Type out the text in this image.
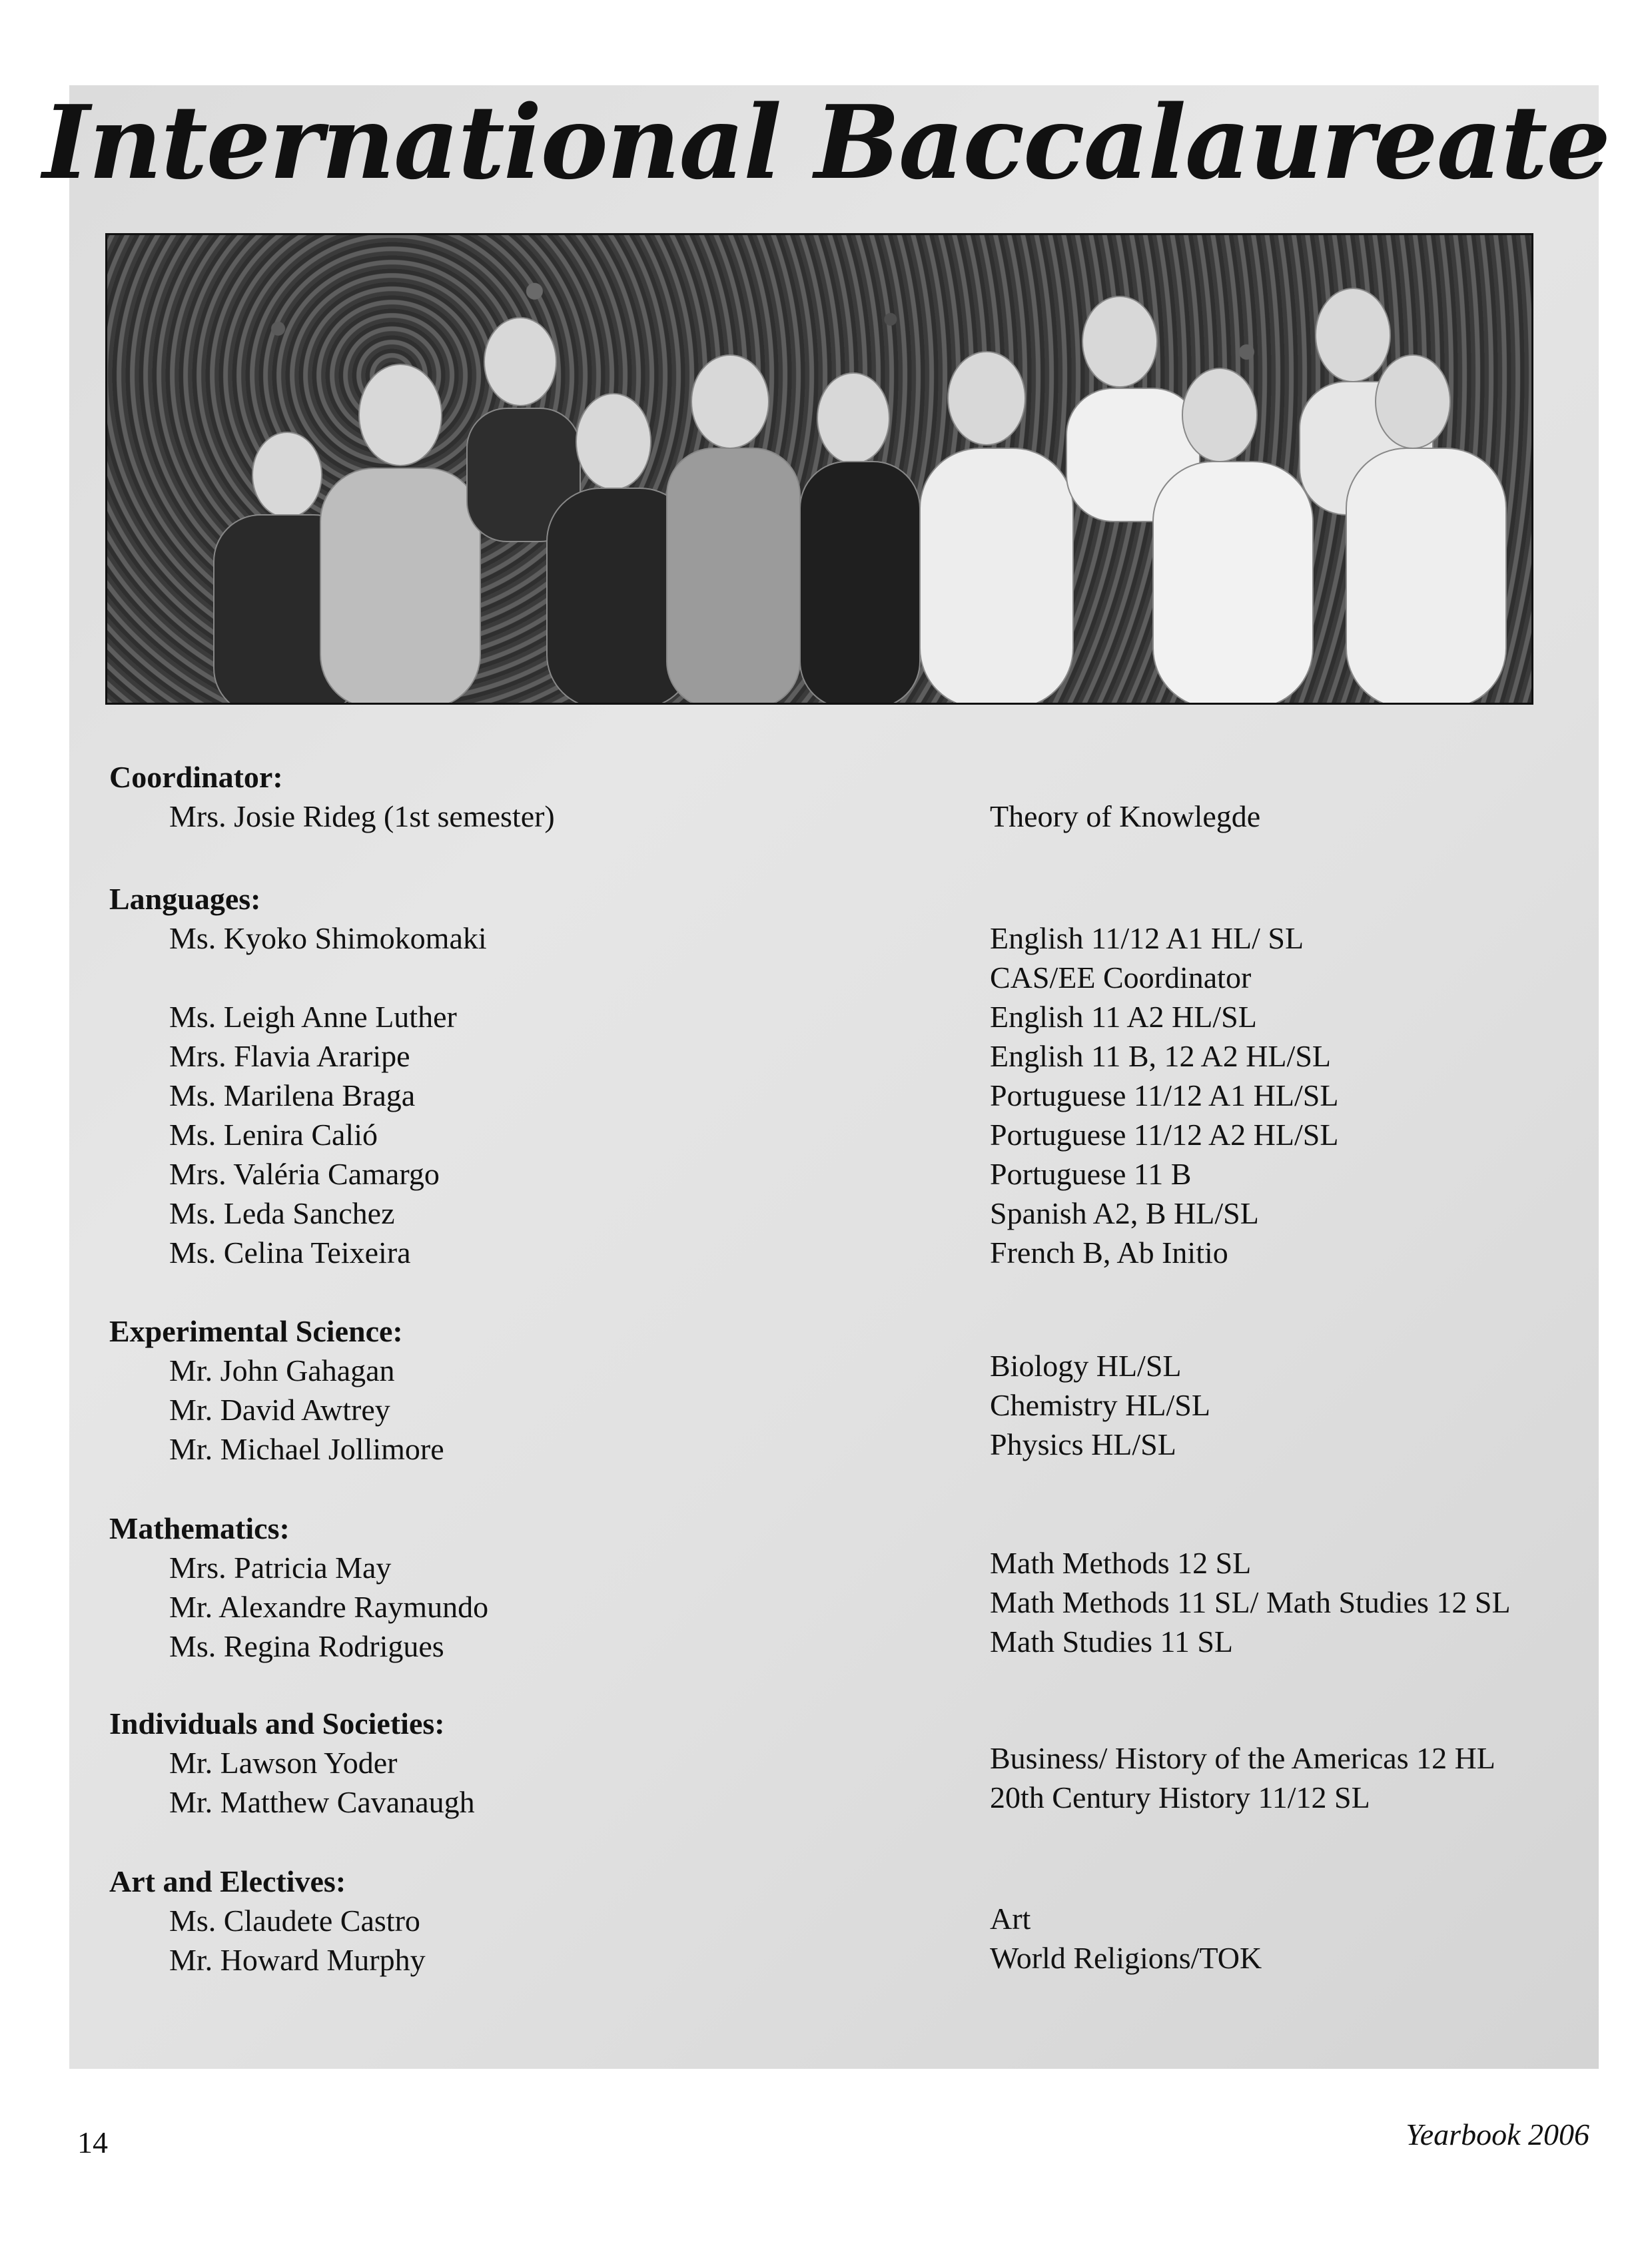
International Baccalaureate
Coordinator:
Mrs. Josie Rideg (1st semester)	Theory of Knowlegde
Languages:
Ms. Kyoko Shimokomaki
Ms. Leigh Anne Luther
Mrs. Flavia Araripe
Ms. Marilena Braga
Ms. Lenira Calió
Mrs. Valéria Camargo
Ms. Leda Sanchez
Ms. Celina Teixeira
English 11/12 A1 HL/ SL
CAS/EE Coordinator
English 11 A2 HL/SL
English 11 B, 12 A2 HL/SL
Portuguese 11/12 A1 HL/SL
Portuguese 11/12 A2 HL/SL
Portuguese 11 B
Spanish A2, B HL/SL
French B, Ab Initio
Experimental Science:
Mr. John Gahagan
Mr. David Awtrey
Mr. Michael Jollimore
Biology HL/SL
Chemistry HL/SL
Physics HL/SL
Mathematics:
Mrs. Patricia May
Mr. Alexandre Raymundo
Ms. Regina Rodrigues
Math Methods 12 SL
Math Methods 11 SL/ Math Studies 12 SL
Math Studies 11 SL
Individuals and Societies:
Mr. Lawson Yoder
Mr. Matthew Cavanaugh
Business/ History of the Americas 12 HL
20th Century History 11/12 SL
Art and Electives:
Ms. Claudete Castro
Mr. Howard Murphy
Art
World Religions/TOK
14	Yearbook 2006
